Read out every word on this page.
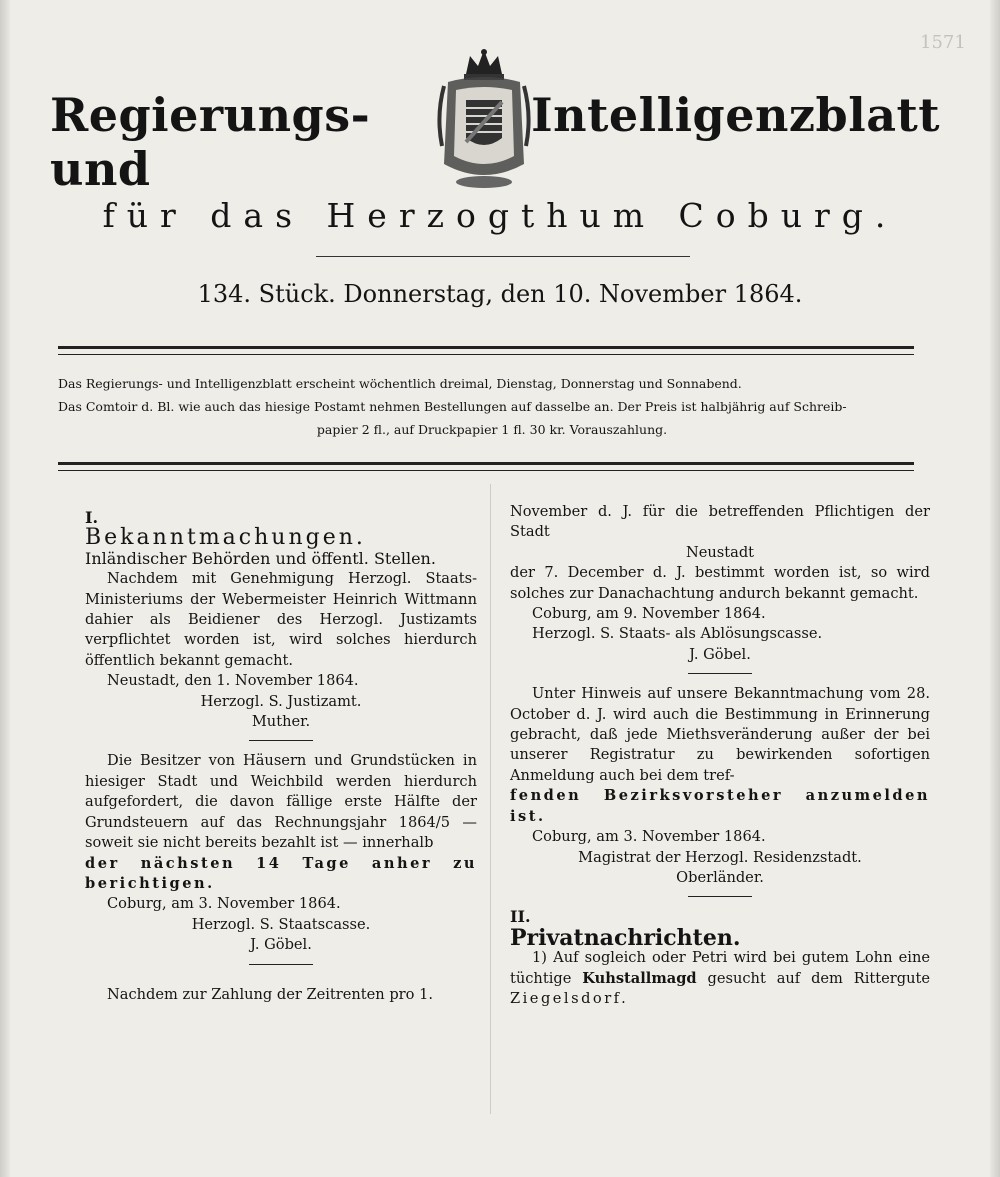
1571
Regierungs- und
Intelligenzblatt
für das Herzogthum Coburg.
134. Stück. Donnerstag, den 10. November 1864.

Das Regierungs- und Intelligenzblatt erscheint wöchentlich dreimal, Dienstag, Donnerstag und Sonnabend.

Das Comtoir d. Bl. wie auch das hiesige Postamt nehmen Bestellungen auf dasselbe an. Der Preis ist halbjährig auf Schreib-

papier 2 fl., auf Druckpapier 1 fl. 30 kr. Vorauszahlung.

I.

Bekanntmachungen.

Inländischer Behörden und öffentl. Stellen.

Nachdem mit Genehmigung Herzogl. Staats-Ministeriums der Webermeister Heinrich Wittmann dahier als Beidiener des Herzogl. Justizamts verpflichtet worden ist, wird solches hierdurch öffentlich bekannt gemacht.

Neustadt, den 1. November 1864.

Herzogl. S. Justizamt.

Muther.

Die Besitzer von Häusern und Grundstücken in hiesiger Stadt und Weichbild werden hierdurch aufgefordert, die davon fällige erste Hälfte der Grundsteuern auf das Rechnungsjahr 1864/5 — soweit sie nicht bereits bezahlt ist — innerhalb

der nächsten 14 Tage anher zu berichtigen.

Coburg, am 3. November 1864.

Herzogl. S. Staatscasse.

J. Göbel.

Nachdem zur Zahlung der Zeitrenten pro 1.

November d. J. für die betreffenden Pflichtigen der Stadt

Neustadt

der 7. December d. J. bestimmt worden ist, so wird solches zur Danachachtung andurch bekannt gemacht.

Coburg, am 9. November 1864.

Herzogl. S. Staats- als Ablösungscasse.

J. Göbel.

Unter Hinweis auf unsere Bekanntmachung vom 28. October d. J. wird auch die Bestimmung in Erinnerung gebracht, daß jede Miethsveränderung außer der bei unserer Registratur zu bewirkenden sofortigen Anmeldung auch bei dem tref-

fenden Bezirksvorsteher anzumelden ist.

Coburg, am 3. November 1864.

Magistrat der Herzogl. Residenzstadt.

Oberländer.

II.

Privatnachrichten.

1) Auf sogleich oder Petri wird bei gutem Lohn eine tüchtige Kuhstallmagd gesucht auf dem Rittergute Ziegelsdorf.
